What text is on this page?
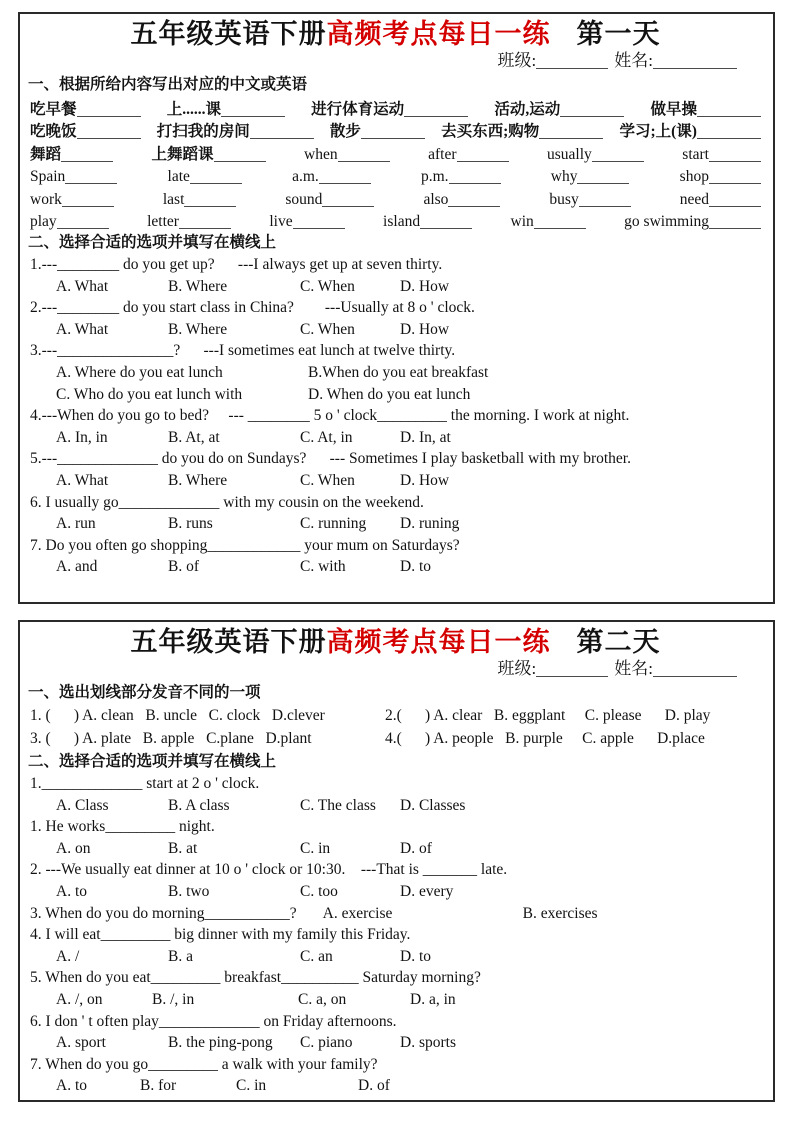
五年级英语下册高频考点每日一练 第一天
班级:	姓名:
一、根据所给内容写出对应的中文或英语
吃早餐	上......课	进行体育运动	活动,运动	做早操
吃晚饭	打扫我的房间	散步	去买东西;购物	学习;上(课)
舞蹈	上舞蹈课	when	after	usually	start
Spain	late	a.m.	p.m.	why	shop
work	last	sound	also	busy	need
play	letter	live	island	win	go swimming
二、选择合适的选项并填写在横线上
1.---________ do you get up?      ---I always get up at seven thirty.
A. What	B. Where	C. When	D. How
2.---________ do you start class in China?        ---Usually at 8 o ' clock.
A. What	B. Where	C. When	D. How
3.---_______________?      ---I sometimes eat lunch at twelve thirty.
A. Where do you eat lunch	B.When do you eat breakfast
C. Who do you eat lunch with	D. When do you eat lunch
4.---When do you go to bed?     --- ________ 5 o ' clock_________ the morning. I work at night.
A. In, in	B. At, at	C. At, in	D. In, at
5.---_____________ do you do on Sundays?      --- Sometimes I play basketball with my brother.
A. What	B. Where	C. When	D. How
6. I usually go_____________ with my cousin on the weekend.
A. run	B. runs	C. running	D. runing
7. Do you often go shopping____________ your mum on Saturdays?
A. and	B. of	C. with	D. to
五年级英语下册高频考点每日一练 第二天
班级:	姓名:
一、选出划线部分发音不同的一项
1. (      ) A. clean   B. uncle   C. clock   D.clever	2.(      ) A. clear   B. eggplant     C. please      D. play
3. (      ) A. plate   B. apple   C.plane   D.plant	4.(      ) A. people   B. purple     C. apple      D.place
二、选择合适的选项并填写在横线上
1._____________ start at 2 o ' clock.
A. Class	B. A class	C. The class	D. Classes
1. He works_________ night.
A. on	B. at	C. in	D. of
2. ---We usually eat dinner at 10 o ' clock or 10:30.    ---That is _______ late.
A. to	B. two	C. too	D. every
3. When do you do morning___________? A. exercise	B. exercises
4. I will eat_________ big dinner with my family this Friday.
A. /	B. a	C. an	D. to
5. When do you eat_________ breakfast__________ Saturday morning?
A. /, on	B. /, in	C. a, on	D. a, in
6. I don ' t often play_____________ on Friday afternoons.
A. sport	B. the ping-pong	C. piano	D. sports
7. When do you go_________ a walk with your family?
A. to	B. for	C. in	D. of
